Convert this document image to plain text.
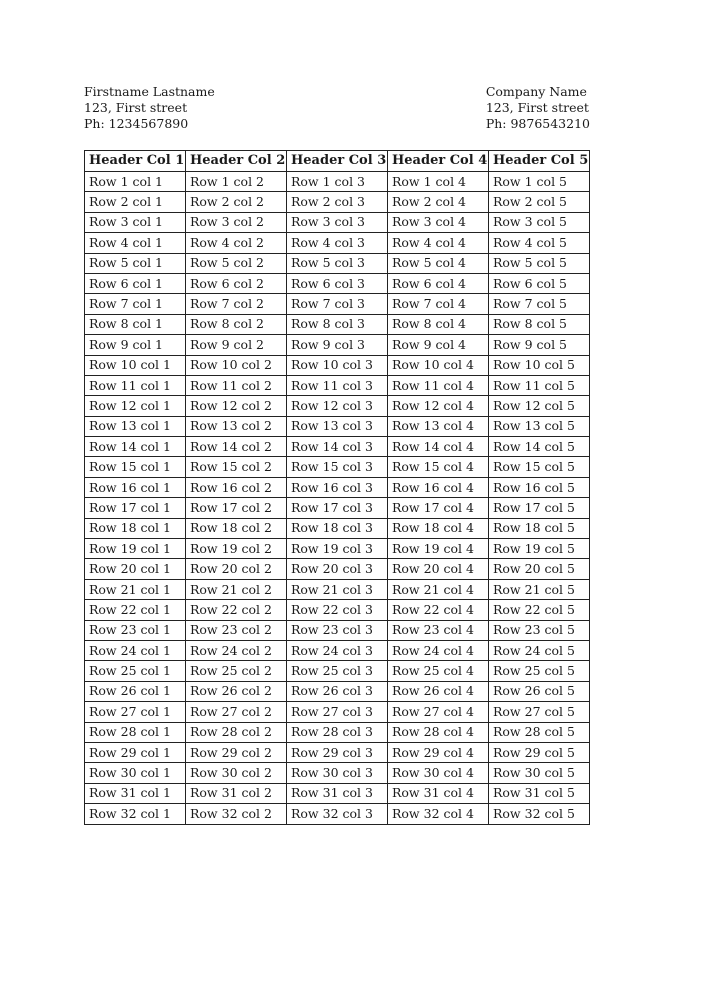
Firstname Lastname
123, First street
Ph: 1234567890
Company Name
123, First street
Ph: 9876543210
Header Col 1	Header Col 2	Header Col 3	Header Col 4	Header Col 5
Row 1 col 1	Row 1 col 2	Row 1 col 3	Row 1 col 4	Row 1 col 5
Row 2 col 1	Row 2 col 2	Row 2 col 3	Row 2 col 4	Row 2 col 5
Row 3 col 1	Row 3 col 2	Row 3 col 3	Row 3 col 4	Row 3 col 5
Row 4 col 1	Row 4 col 2	Row 4 col 3	Row 4 col 4	Row 4 col 5
Row 5 col 1	Row 5 col 2	Row 5 col 3	Row 5 col 4	Row 5 col 5
Row 6 col 1	Row 6 col 2	Row 6 col 3	Row 6 col 4	Row 6 col 5
Row 7 col 1	Row 7 col 2	Row 7 col 3	Row 7 col 4	Row 7 col 5
Row 8 col 1	Row 8 col 2	Row 8 col 3	Row 8 col 4	Row 8 col 5
Row 9 col 1	Row 9 col 2	Row 9 col 3	Row 9 col 4	Row 9 col 5
Row 10 col 1	Row 10 col 2	Row 10 col 3	Row 10 col 4	Row 10 col 5
Row 11 col 1	Row 11 col 2	Row 11 col 3	Row 11 col 4	Row 11 col 5
Row 12 col 1	Row 12 col 2	Row 12 col 3	Row 12 col 4	Row 12 col 5
Row 13 col 1	Row 13 col 2	Row 13 col 3	Row 13 col 4	Row 13 col 5
Row 14 col 1	Row 14 col 2	Row 14 col 3	Row 14 col 4	Row 14 col 5
Row 15 col 1	Row 15 col 2	Row 15 col 3	Row 15 col 4	Row 15 col 5
Row 16 col 1	Row 16 col 2	Row 16 col 3	Row 16 col 4	Row 16 col 5
Row 17 col 1	Row 17 col 2	Row 17 col 3	Row 17 col 4	Row 17 col 5
Row 18 col 1	Row 18 col 2	Row 18 col 3	Row 18 col 4	Row 18 col 5
Row 19 col 1	Row 19 col 2	Row 19 col 3	Row 19 col 4	Row 19 col 5
Row 20 col 1	Row 20 col 2	Row 20 col 3	Row 20 col 4	Row 20 col 5
Row 21 col 1	Row 21 col 2	Row 21 col 3	Row 21 col 4	Row 21 col 5
Row 22 col 1	Row 22 col 2	Row 22 col 3	Row 22 col 4	Row 22 col 5
Row 23 col 1	Row 23 col 2	Row 23 col 3	Row 23 col 4	Row 23 col 5
Row 24 col 1	Row 24 col 2	Row 24 col 3	Row 24 col 4	Row 24 col 5
Row 25 col 1	Row 25 col 2	Row 25 col 3	Row 25 col 4	Row 25 col 5
Row 26 col 1	Row 26 col 2	Row 26 col 3	Row 26 col 4	Row 26 col 5
Row 27 col 1	Row 27 col 2	Row 27 col 3	Row 27 col 4	Row 27 col 5
Row 28 col 1	Row 28 col 2	Row 28 col 3	Row 28 col 4	Row 28 col 5
Row 29 col 1	Row 29 col 2	Row 29 col 3	Row 29 col 4	Row 29 col 5
Row 30 col 1	Row 30 col 2	Row 30 col 3	Row 30 col 4	Row 30 col 5
Row 31 col 1	Row 31 col 2	Row 31 col 3	Row 31 col 4	Row 31 col 5
Row 32 col 1	Row 32 col 2	Row 32 col 3	Row 32 col 4	Row 32 col 5
